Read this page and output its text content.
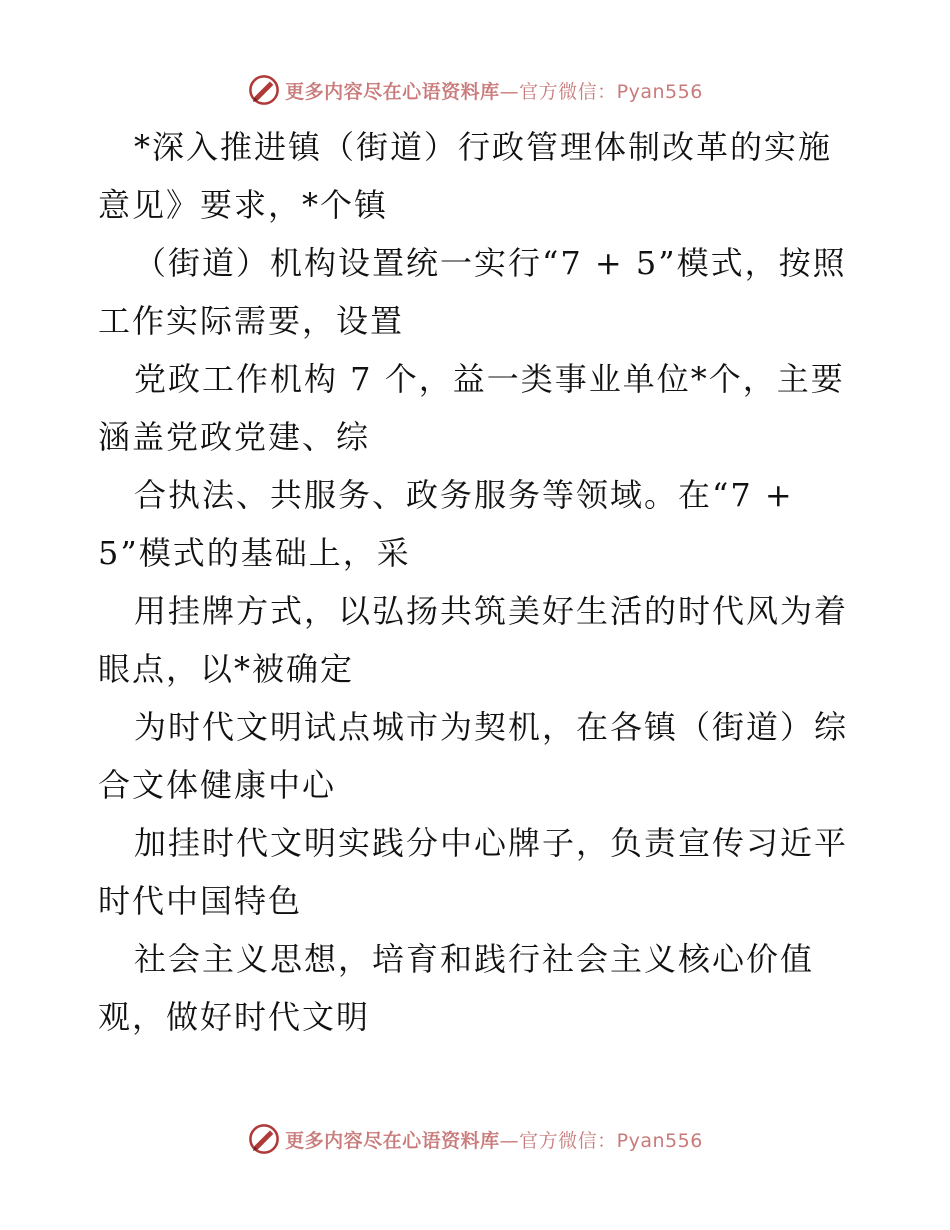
更多内容尽在心语资料库—官方微信：Pyan556
*深入推进镇（街道）行政管理体制改革的实施
意见》要求，*个镇
（街道）机构设置统一实行“7 + 5”模式，按照
工作实际需要，设置
党政工作机构 7 个，益一类事业单位*个，主要
涵盖党政党建、综
合执法、共服务、政务服务等领域。在“7 +
5”模式的基础上，采
用挂牌方式，以弘扬共筑美好生活的时代风为着
眼点，以*被确定
为时代文明试点城市为契机，在各镇（街道）综
合文体健康中心
加挂时代文明实践分中心牌子，负责宣传习近平
时代中国特色
社会主义思想，培育和践行社会主义核心价值
观，做好时代文明
更多内容尽在心语资料库—官方微信：Pyan556
